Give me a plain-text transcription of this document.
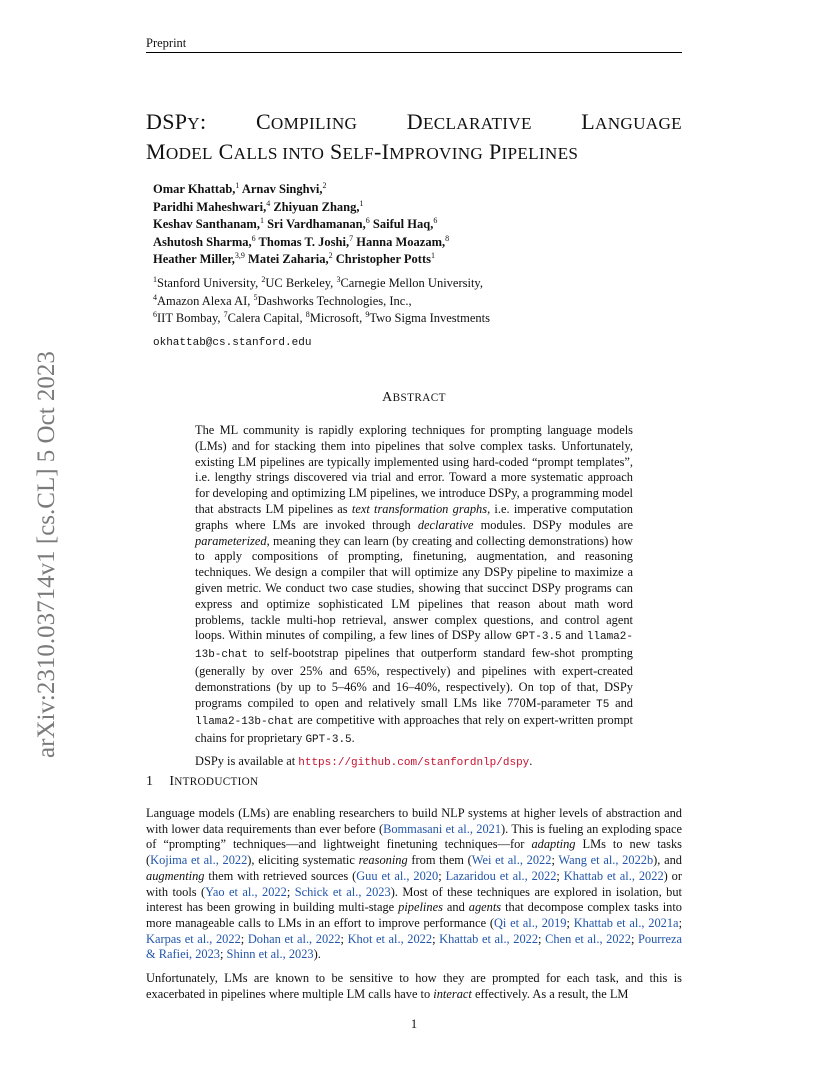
Preprint
arXiv:2310.03714v1 [cs.CL] 5 Oct 2023
DSPY: COMPILING DECLARATIVE LANGUAGE
MODEL CALLS INTO SELF-IMPROVING PIPELINES
Omar Khattab,$^1$ Arnav Singhvi,$^2$
Paridhi Maheshwari,$^4$ Zhiyuan Zhang,$^1$
Keshav Santhanam,$^1$ Sri Vardhamanan,$^6$ Saiful Haq,$^6$
Ashutosh Sharma,$^6$ Thomas T. Joshi,$^7$ Hanna Moazam,$^8$
Heather Miller,$^{3,9}$ Matei Zaharia,$^2$ Christopher Potts$^1$
$^1$Stanford University, $^2$UC Berkeley, $^3$Carnegie Mellon University,
$^4$Amazon Alexa AI, $^5$Dashworks Technologies, Inc.,
$^6$IIT Bombay, $^7$Calera Capital, $^8$Microsoft, $^9$Two Sigma Investments
okhattab@cs.stanford.edu
ABSTRACT

The ML community is rapidly exploring techniques for prompting language models (LMs) and for stacking them into pipelines that solve complex tasks. Unfortunately, existing LM pipelines are typically implemented using hard-coded “prompt templates”, i.e. lengthy strings discovered via trial and error. Toward a more systematic approach for developing and optimizing LM pipelines, we introduce DSPy, a programming model that abstracts LM pipelines as text transformation graphs, i.e. imperative computation graphs where LMs are invoked through declarative modules. DSPy modules are parameterized, meaning they can learn (by creating and collecting demonstrations) how to apply compositions of prompting, finetuning, augmentation, and reasoning techniques. We design a compiler that will optimize any DSPy pipeline to maximize a given metric. We conduct two case studies, showing that succinct DSPy programs can express and optimize sophisticated LM pipelines that reason about math word problems, tackle multi-hop retrieval, answer complex questions, and control agent loops. Within minutes of compiling, a few lines of DSPy allow GPT-3.5 and llama2-13b-chat to self-bootstrap pipelines that outperform standard few-shot prompting (generally by over 25% and 65%, respectively) and pipelines with expert-created demonstrations (by up to 5–46% and 16–40%, respectively). On top of that, DSPy programs compiled to open and relatively small LMs like 770M-parameter T5 and llama2-13b-chat are competitive with approaches that rely on expert-written prompt chains for proprietary GPT-3.5.

DSPy is available at https://github.com/stanfordnlp/dspy.

1 INTRODUCTION

Language models (LMs) are enabling researchers to build NLP systems at higher levels of abstraction and with lower data requirements than ever before (Bommasani et al., 2021). This is fueling an exploding space of “prompting” techniques—and lightweight finetuning techniques—for adapting LMs to new tasks (Kojima et al., 2022), eliciting systematic reasoning from them (Wei et al., 2022; Wang et al., 2022b), and augmenting them with retrieved sources (Guu et al., 2020; Lazaridou et al., 2022; Khattab et al., 2022) or with tools (Yao et al., 2022; Schick et al., 2023). Most of these techniques are explored in isolation, but interest has been growing in building multi-stage pipelines and agents that decompose complex tasks into more manageable calls to LMs in an effort to improve performance (Qi et al., 2019; Khattab et al., 2021a; Karpas et al., 2022; Dohan et al., 2022; Khot et al., 2022; Khattab et al., 2022; Chen et al., 2022; Pourreza & Rafiei, 2023; Shinn et al., 2023).

Unfortunately, LMs are known to be sensitive to how they are prompted for each task, and this is exacerbated in pipelines where multiple LM calls have to interact effectively. As a result, the LM

1
